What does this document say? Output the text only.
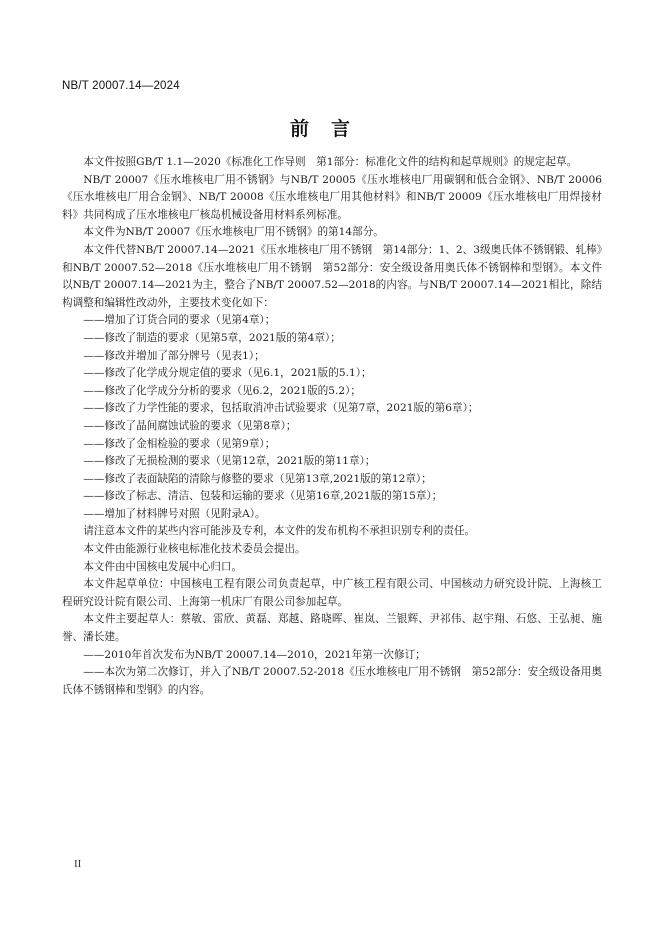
NB/T 20007.14—2024
前言

本文件按照GB/T 1.1—2020《标准化工作导则　第1部分：标准化文件的结构和起草规则》的规定起草。

NB/T 20007《压水堆核电厂用不锈钢》与NB/T 20005《压水堆核电厂用碳钢和低合金钢》、NB/T 20006《压水堆核电厂用合金钢》、NB/T 20008《压水堆核电厂用其他材料》和NB/T 20009《压水堆核电厂用焊接材料》共同构成了压水堆核电厂核岛机械设备用材料系列标准。

本文件为NB/T 20007《压水堆核电厂用不锈钢》的第14部分。

本文件代替NB/T 20007.14—2021《压水堆核电厂用不锈钢　第14部分：1、2、3级奥氏体不锈钢锻、轧棒》和NB/T 20007.52—2018《压水堆核电厂用不锈钢　第52部分：安全级设备用奥氏体不锈钢棒和型钢》。本文件以NB/T 20007.14—2021为主，整合了NB/T 20007.52—2018的内容。与NB/T 20007.14—2021相比，除结构调整和编辑性改动外，主要技术变化如下：

——增加了订货合同的要求（见第4章）；

——修改了制造的要求（见第5章，2021版的第4章）；

——修改并增加了部分牌号（见表1）；

——修改了化学成分规定值的要求（见6.1，2021版的5.1）；

——修改了化学成分分析的要求（见6.2，2021版的5.2）；

——修改了力学性能的要求，包括取消冲击试验要求（见第7章，2021版的第6章）；

——修改了晶间腐蚀试验的要求（见第8章）；

——修改了金相检验的要求（见第9章）；

——修改了无损检测的要求（见第12章，2021版的第11章）；

——修改了表面缺陷的清除与修整的要求（见第13章,2021版的第12章）；

——修改了标志、清洁、包装和运输的要求（见第16章,2021版的第15章）；

——增加了材料牌号对照（见附录A）。

请注意本文件的某些内容可能涉及专利，本文件的发布机构不承担识别专利的责任。

本文件由能源行业核电标准化技术委员会提出。

本文件由中国核电发展中心归口。

本文件起草单位：中国核电工程有限公司负责起草，中广核工程有限公司、中国核动力研究设计院、上海核工程研究设计院有限公司、上海第一机床厂有限公司参加起草。

本文件主要起草人：蔡敏、雷欣、黄磊、郑越、路晓晖、崔岚、兰银辉、尹祁伟、赵宇翔、石悠、王弘昶、施誉、潘长建。

——2010年首次发布为NB/T 20007.14—2010，2021年第一次修订；

——本次为第二次修订，并入了NB/T 20007.52-2018《压水堆核电厂用不锈钢　第52部分：安全级设备用奥氏体不锈钢棒和型钢》的内容。

II
